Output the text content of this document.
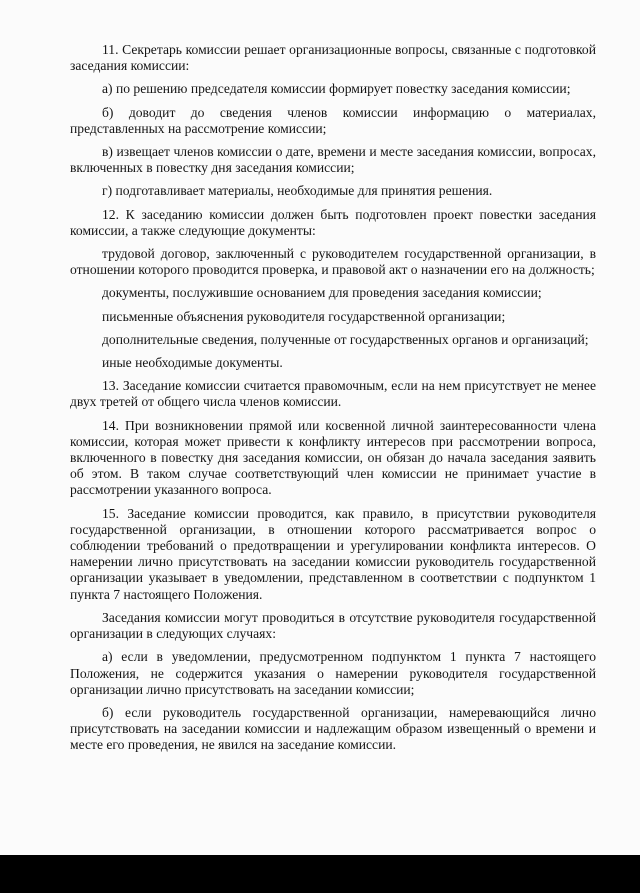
11. Секретарь комиссии решает организационные вопросы, связанные с подготовкой заседания комиссии:

а) по решению председателя комиссии формирует повестку заседания комиссии;

б) доводит до сведения членов комиссии информацию о материалах, представленных на рассмотрение комиссии;

в) извещает членов комиссии о дате, времени и месте заседания комиссии, вопросах, включенных в повестку дня заседания комиссии;

г) подготавливает материалы, необходимые для принятия решения.

12. К заседанию комиссии должен быть подготовлен проект повестки заседания комиссии, а также следующие документы:

трудовой договор, заключенный с руководителем государственной организации, в отношении которого проводится проверка, и правовой акт о назначении его на должность;

документы, послужившие основанием для проведения заседания комиссии;

письменные объяснения руководителя государственной организации;

дополнительные сведения, полученные от государственных органов и организаций;

иные необходимые документы.

13. Заседание комиссии считается правомочным, если на нем присутствует не менее двух третей от общего числа членов комиссии.

14. При возникновении прямой или косвенной личной заинтересованности члена комиссии, которая может привести к конфликту интересов при рассмотрении вопроса, включенного в повестку дня заседания комиссии, он обязан до начала заседания заявить об этом. В таком случае соответствующий член комиссии не принимает участие в рассмотрении указанного вопроса.

15. Заседание комиссии проводится, как правило, в присутствии руководителя государственной организации, в отношении которого рассматривается вопрос о соблюдении требований о предотвращении и урегулировании конфликта интересов. О намерении лично присутствовать на заседании комиссии руководитель государственной организации указывает в уведомлении, представленном в соответствии с подпунктом 1 пункта 7 настоящего Положения.

Заседания комиссии могут проводиться в отсутствие руководителя государственной организации в следующих случаях:

а) если в уведомлении, предусмотренном подпунктом 1 пункта 7 настоящего Положения, не содержится указания о намерении руководителя государственной организации лично присутствовать на заседании комиссии;

б) если руководитель государственной организации, намеревающийся лично присутствовать на заседании комиссии и надлежащим образом извещенный о времени и месте его проведения, не явился на заседание комиссии.
